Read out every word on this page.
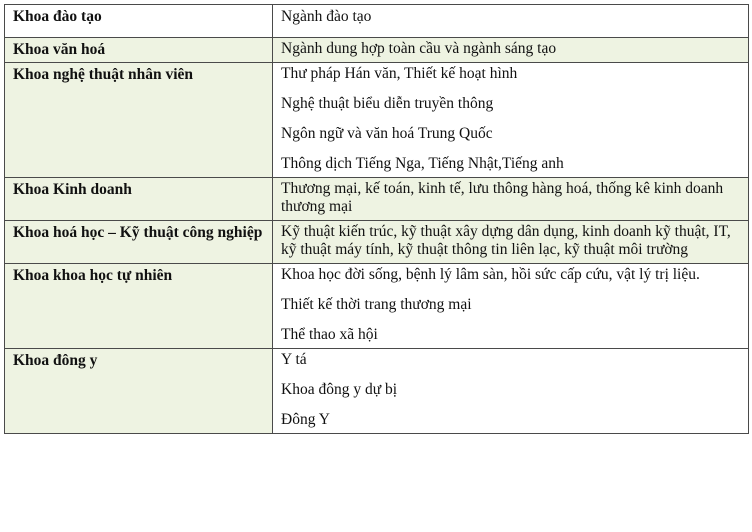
Khoa đào tạo	Ngành đào tạo
Khoa văn hoá	Ngành dung hợp toàn cầu và ngành sáng tạo

Khoa nghệ thuật nhân viên	Thư pháp Hán văn, Thiết kế hoạt hình
Nghệ thuật biểu diễn truyền thông
Ngôn ngữ và văn hoá Trung Quốc
Thông dịch Tiếng Nga, Tiếng Nhật,Tiếng anh

Khoa Kinh doanh	Thương mại, kế toán, kinh tế, lưu thông hàng hoá, thống kê kinh doanh thương mại

Khoa hoá học – Kỹ thuật công nghiệp	Kỹ thuật kiến trúc, kỹ thuật xây dựng dân dụng, kinh doanh kỹ thuật, IT, kỹ thuật máy tính, kỹ thuật thông tin liên lạc, kỹ thuật môi trường

Khoa khoa học tự nhiên	Khoa học đời sống, bệnh lý lâm sàn, hồi sức cấp cứu, vật lý trị liệu.
Thiết kế thời trang thương mại
Thể thao xã hội

Khoa đông y	Y tá
Khoa đông y dự bị
Đông Y
